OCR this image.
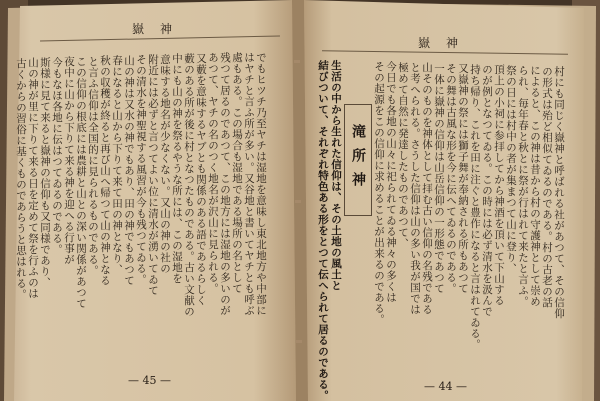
嶽神
嶽神
でもヒツチ乃至ヤチは湿地を意味し東北地方や中部に
はヤチと言ふ所が多い。又谷地と書いてヤチとも呼ぶ
處もある。この場合も湿地である場所の名として
残つて居るのであつて、この地方には湿地の多いのが
あつて、ヤチの名のつく地名が沢山に見られる。
又藪を意味するヤブとも関係のある語であるらしく
藪のある所が後に村となつたものである。古い文献の
中にも山の神を祭るやうな所には、この湿地を
意味する地名が少なくない。又山の神の社の
附近には必ずと言つてよい位に清水が湧いてゐて
その清水を神聖視する風習が今も残つてゐる。
山の神は又水の神でもあり、田の神でもあつて
春になると山から下りて来て田の神となり、
秋の収穫が終ると再び山へ帰つて山の神となる
と言ふ信仰は全国的に見られるものである。
この信仰の根底には農耕と山との深い関係があつて
夜中に山から下りて来る神を迎へる行事が
今もなほ各地に伝はつてゐるのである。
斯様に見て来ると嶽神の信仰も又同様であり、
山の神が里に下りて来る日を定めて祭を行ふのは
古くからの習俗に基くものであらうと思はれる。
— 45 —
村にも同じく嶽神と呼ばれる社があつて、その信仰
の形式は殆ど相似てゐるのである。村の古老の話
によると、この神は昔から村の守護神として崇め
られ、毎年春と秋とに祭が行はれて来たと言ふ。
祭の日には村中の者が集まつて山に登り、
頂上の小祠に参拝してから神酒を頂いて下山する
のが例となつてゐる。この時には必ず清水を汲んで
持ち帰り、これを田に注ぐと豊作になると言はれてゐる。
又嶽神の祭には獅子舞が奉納される所もあつて
その舞は古風な形を今に伝へてゐるのである。
一体に嶽神の信仰は山岳信仰の一形態であつて
山そのものを神体として拝む古い信仰の名残である
と考へられる。さうした信仰は山の多い我が国では
極めて自然に発達したものであつて、
今日でも各地の山々に祀られてゐる神々の多くは
その起源をこの信仰に求めることが出来るのである。
滝所神
生活の中から生れた信仰は、その土地の風土と
結びついて、それぞれ特色ある形をとつて伝へられて居るのである。	— 44 —
